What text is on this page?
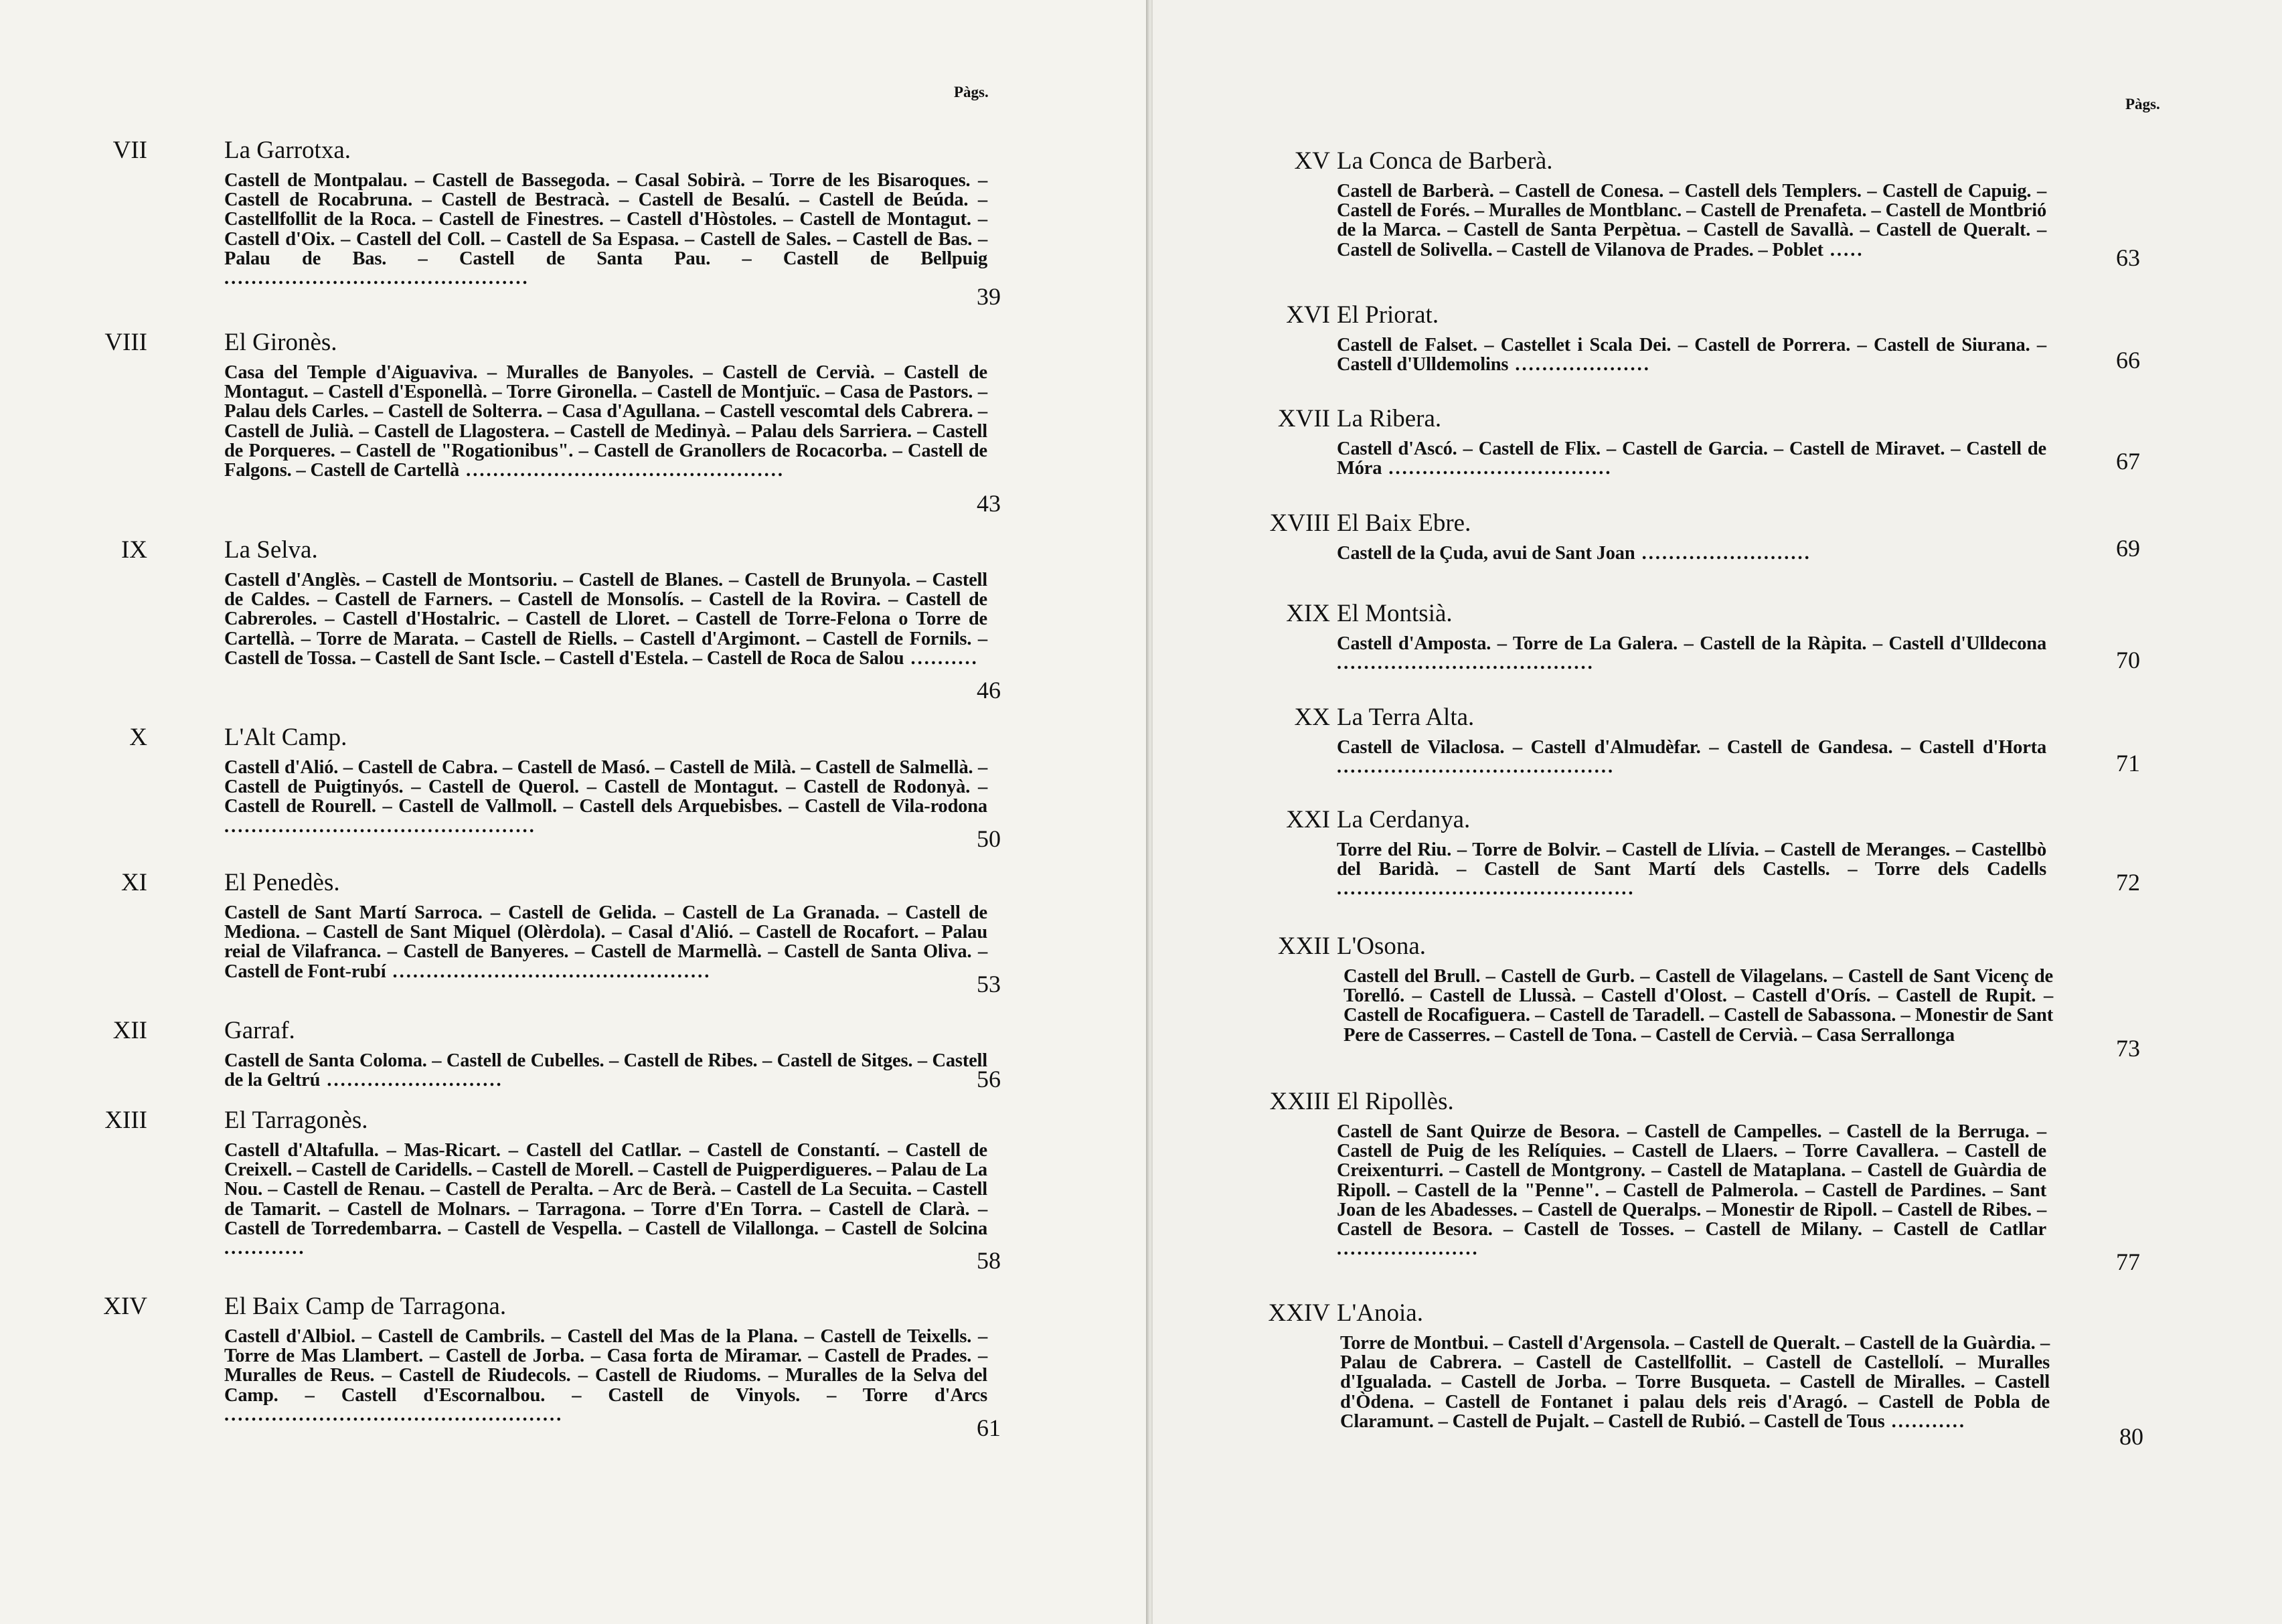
Pàgs.
VII	La Garrotxa.
Castell de Montpalau. – Castell de Bassegoda. – Casal Sobirà. – Torre de les Bisaroques. – Castell de Rocabruna. – Castell de Bestracà. – Castell de Besalú. – Castell de Beúda. – Castellfollit de la Roca. – Castell de Finestres. – Castell d'Hòstoles. – Castell de Montagut. – Castell d'Oix. – Castell del Coll. – Castell de Sa Espasa. – Castell de Sales. – Castell de Bas. – Palau de Bas. – Castell de Santa Pau. – Castell de Bellpuig .............................................
39
VIII	El Gironès.
Casa del Temple d'Aiguaviva. – Muralles de Banyoles. – Castell de Cervià. – Castell de Montagut. – Castell d'Esponellà. – Torre Gironella. – Castell de Montjuïc. – Casa de Pastors. – Palau dels Carles. – Castell de Solterra. – Casa d'Agullana. – Castell vescomtal dels Cabrera. – Castell de Julià. – Castell de Llagostera. – Castell de Medinyà. – Palau dels Sarriera. – Castell de Porqueres. – Castell de "Rogationibus". – Castell de Granollers de Rocacorba. – Castell de Falgons. – Castell de Cartellà ...............................................
43
IX	La Selva.
Castell d'Anglès. – Castell de Montsoriu. – Castell de Blanes. – Castell de Brunyola. – Castell de Caldes. – Castell de Farners. – Castell de Monsolís. – Castell de la Rovira. – Castell de Cabreroles. – Castell d'Hostalric. – Castell de Lloret. – Castell de Torre-Felona o Torre de Cartellà. – Torre de Marata. – Castell de Riells. – Castell d'Argimont. – Castell de Fornils. – Castell de Tossa. – Castell de Sant Iscle. – Castell d'Estela. – Castell de Roca de Salou ..........
46
X	L'Alt Camp.
Castell d'Alió. – Castell de Cabra. – Castell de Masó. – Castell de Milà. – Castell de Salmellà. – Castell de Puigtinyós. – Castell de Querol. – Castell de Montagut. – Castell de Rodonyà. – Castell de Rourell. – Castell de Vallmoll. – Castell dels Arquebisbes. – Castell de Vila-rodona ..............................................	50
XI	El Penedès.
Castell de Sant Martí Sarroca. – Castell de Gelida. – Castell de La Granada. – Castell de Mediona. – Castell de Sant Miquel (Olèrdola). – Casal d'Alió. – Castell de Rocafort. – Palau reial de Vilafranca. – Castell de Banyeres. – Castell de Marmellà. – Castell de Santa Oliva. – Castell de Font-rubí ...............................................	53
XII	Garraf.
Castell de Santa Coloma. – Castell de Cubelles. – Castell de Ribes. – Castell de Sitges. – Castell de la Geltrú ..........................	56
XIII	El Tarragonès.
Castell d'Altafulla. – Mas-Ricart. – Castell del Catllar. – Castell de Constantí. – Castell de Creixell. – Castell de Caridells. – Castell de Morell. – Castell de Puigperdigueres. – Palau de La Nou. – Castell de Renau. – Castell de Peralta. – Arc de Berà. – Castell de La Secuita. – Castell de Tamarit. – Castell de Molnars. – Tarragona. – Torre d'En Torra. – Castell de Clarà. – Castell de Torredembarra. – Castell de Vespella. – Castell de Vilallonga. – Castell de Solcina ............	58
XIV	El Baix Camp de Tarragona.
Castell d'Albiol. – Castell de Cambrils. – Castell del Mas de la Plana. – Castell de Teixells. – Torre de Mas Llambert. – Castell de Jorba. – Casa forta de Miramar. – Castell de Prades. – Muralles de Reus. – Castell de Riudecols. – Castell de Riudoms. – Muralles de la Selva del Camp. – Castell d'Escornalbou. – Castell de Vinyols. – Torre d'Arcs ..................................................	61
Pàgs.
XV La Conca de Barberà.
Castell de Barberà. – Castell de Conesa. – Castell dels Templers. – Castell de Capuig. – Castell de Forés. – Muralles de Montblanc. – Castell de Prenafeta. – Castell de Montbrió de la Marca. – Castell de Santa Perpètua. – Castell de Savallà. – Castell de Queralt. – Castell de Solivella. – Castell de Vilanova de Prades. – Poblet .....	63
XVI El Priorat.
Castell de Falset. – Castellet i Scala Dei. – Castell de Porrera. – Castell de Siurana. – Castell d'Ulldemolins ....................	66
XVII La Ribera.
Castell d'Ascó. – Castell de Flix. – Castell de Garcia. – Castell de Miravet. – Castell de Móra .................................	67
XVIII El Baix Ebre.
Castell de la Çuda, avui de Sant Joan .........................	69
XIX El Montsià.
Castell d'Amposta. – Torre de La Galera. – Castell de la Ràpita. – Castell d'Ulldecona ......................................	70
XX La Terra Alta.
Castell de Vilaclosa. – Castell d'Almudèfar. – Castell de Gandesa. – Castell d'Horta .........................................	71
XXI La Cerdanya.
Torre del Riu. – Torre de Bolvir. – Castell de Llívia. – Castell de Meranges. – Castellbò del Baridà. – Castell de Sant Martí dels Castells. – Torre dels Cadells ............................................	72
XXII L'Osona.
Castell del Brull. – Castell de Gurb. – Castell de Vilagelans. – Castell de Sant Vicenç de Torelló. – Castell de Llussà. – Castell d'Olost. – Castell d'Orís. – Castell de Rupit. – Castell de Rocafiguera. – Castell de Taradell. – Castell de Sabassona. – Monestir de Sant Pere de Casserres. – Castell de Tona. – Castell de Cervià. – Casa Serrallonga	73
XXIII El Ripollès.
Castell de Sant Quirze de Besora. – Castell de Campelles. – Castell de la Berruga. – Castell de Puig de les Relíquies. – Castell de Llaers. – Torre Cavallera. – Castell de Creixenturri. – Castell de Montgrony. – Castell de Mataplana. – Castell de Guàrdia de Ripoll. – Castell de la "Penne". – Castell de Palmerola. – Castell de Pardines. – Sant Joan de les Abadesses. – Castell de Queralps. – Monestir de Ripoll. – Castell de Ribes. – Castell de Besora. – Castell de Tosses. – Castell de Milany. – Castell de Catllar .....................	77
XXIV L'Anoia.
Torre de Montbui. – Castell d'Argensola. – Castell de Queralt. – Castell de la Guàrdia. – Palau de Cabrera. – Castell de Castellfollit. – Castell de Castellolí. – Muralles d'Igualada. – Castell de Jorba. – Torre Busqueta. – Castell de Miralles. – Castell d'Òdena. – Castell de Fontanet i palau dels reis d'Aragó. – Castell de Pobla de Claramunt. – Castell de Pujalt. – Castell de Rubió. – Castell de Tous ...........
80
